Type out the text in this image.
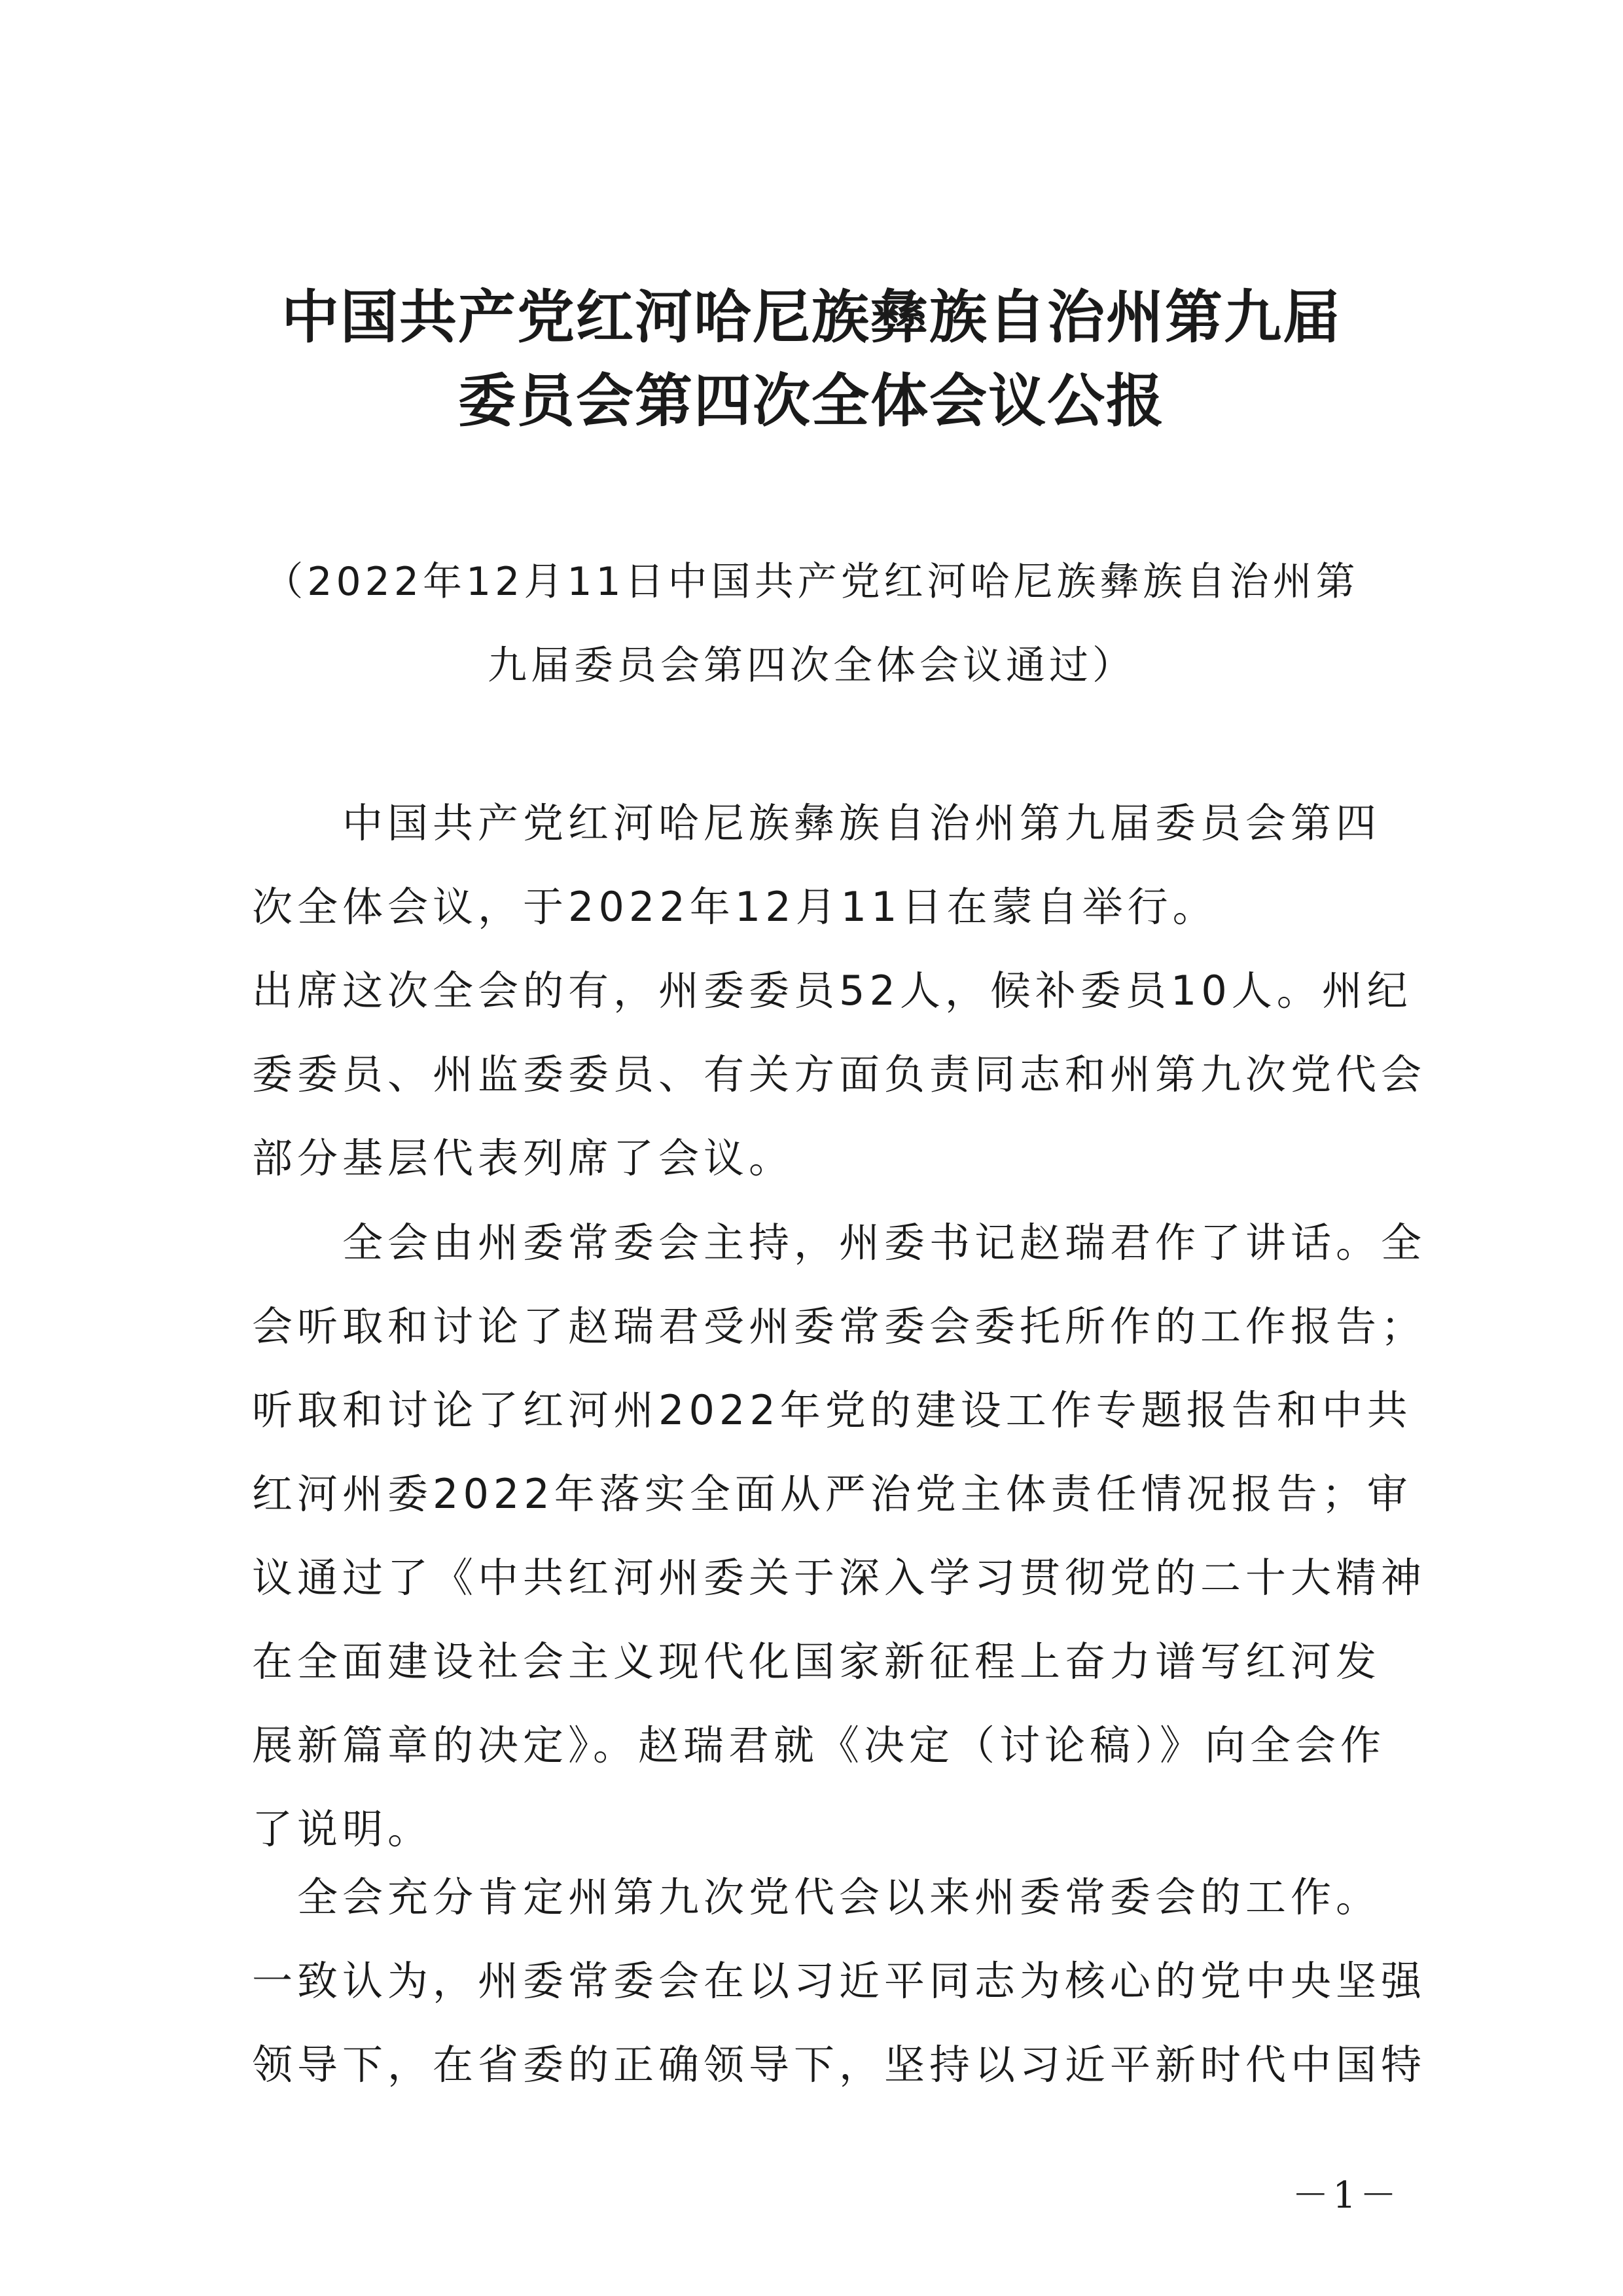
中国共产党红河哈尼族彝族自治州第九届
委员会第四次全体会议公报
（2022年12月11日中国共产党红河哈尼族彝族自治州第
九届委员会第四次全体会议通过）
　　中国共产党红河哈尼族彝族自治州第九届委员会第四
次全体会议，于2022年12月11日在蒙自举行。
出席这次全会的有，州委委员52人，候补委员10人。州纪
委委员、州监委委员、有关方面负责同志和州第九次党代会
部分基层代表列席了会议。
　　全会由州委常委会主持，州委书记赵瑞君作了讲话。全
会听取和讨论了赵瑞君受州委常委会委托所作的工作报告；
听取和讨论了红河州2022年党的建设工作专题报告和中共
红河州委2022年落实全面从严治党主体责任情况报告；审
议通过了《中共红河州委关于深入学习贯彻党的二十大精神
在全面建设社会主义现代化国家新征程上奋力谱写红河发
展新篇章的决定》。赵瑞君就《决定（讨论稿）》向全会作
了说明。
　全会充分肯定州第九次党代会以来州委常委会的工作。
一致认为，州委常委会在以习近平同志为核心的党中央坚强
领导下，在省委的正确领导下，坚持以习近平新时代中国特
－1－
